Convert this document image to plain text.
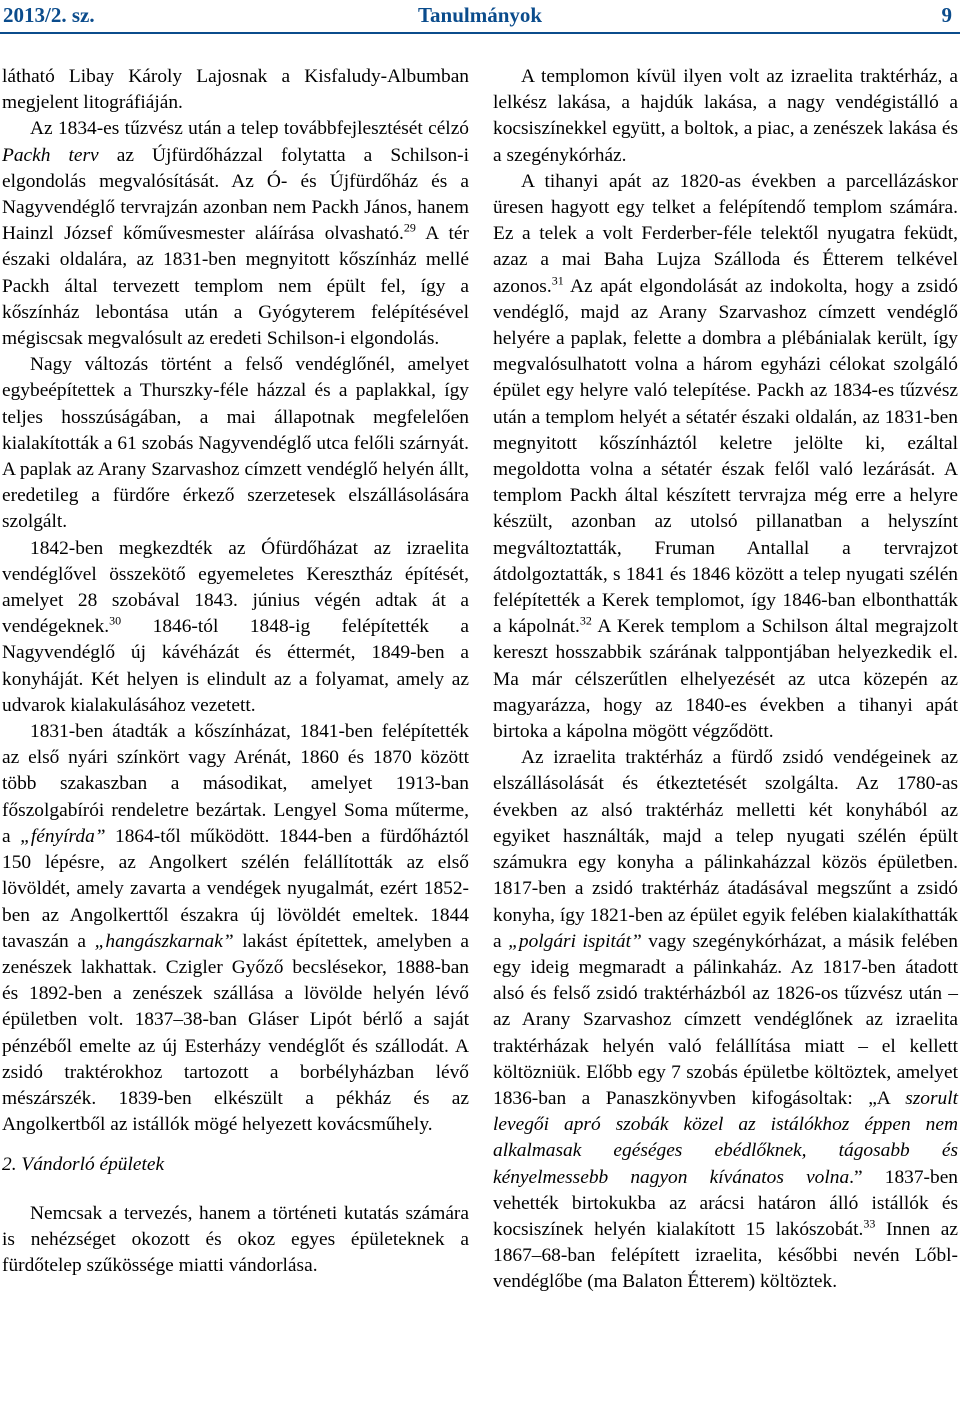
2013/2. sz.	Tanulmányok	9

látható Libay Károly Lajosnak a Kisfaludy-Albumban megjelent litográfiáján.

Az 1834-es tűzvész után a telep továbbfejlesztését célzó Packh terv az Újfürdőházzal folytatta a Schilson-i elgondolás megvalósítását. Az Ó- és Újfürdőház és a Nagyvendéglő tervrajzán azonban nem Packh János, hanem Hainzl József kőművesmester aláírása olvasható.$^{29}$ A tér északi oldalára, az 1831-ben megnyitott kőszínház mellé Packh által tervezett templom nem épült fel, így a kőszínház lebontása után a Gyógyterem felépítésével mégiscsak megvalósult az eredeti Schilson-i elgondolás.

Nagy változás történt a felső vendéglőnél, amelyet egybeépítettek a Thurszky-féle házzal és a paplakkal, így teljes hosszúságában, a mai állapotnak megfelelően kialakították a 61 szobás Nagyvendéglő utca felőli szárnyát. A paplak az Arany Szarvashoz címzett vendéglő helyén állt, eredetileg a fürdőre érkező szerzetesek elszállásolására szolgált.

1842-ben megkezdték az Ófürdőházat az izraelita vendéglővel összekötő egyemeletes Keresztház építését, amelyet 28 szobával 1843. június végén adtak át a vendégeknek.$^{30}$ 1846-tól 1848-ig felépítették a Nagyvendéglő új kávéházát és éttermét, 1849-ben a konyháját. Két helyen is elindult az a folyamat, amely az udvarok kialakulásához vezetett.

1831-ben átadták a kőszínházat, 1841-ben felépítették az első nyári színkört vagy Arénát, 1860 és 1870 között több szakaszban a másodikat, amelyet 1913-ban főszolgabírói rendeletre bezártak. Lengyel Soma műterme, a „fényírda” 1864-től működött. 1844-ben a fürdőháztól 150 lépésre, az Angolkert szélén felállították az első lövöldét, amely zavarta a vendégek nyugalmát, ezért 1852-ben az Angolkerttől északra új lövöldét emeltek. 1844 tavaszán a „hangászkarnak” lakást építettek, amelyben a zenészek lakhattak. Czigler Győző becslésekor, 1888-ban és 1892-ben a zenészek szállása a lövölde helyén lévő épületben volt. 1837–38-ban Gláser Lipót bérlő a saját pénzéből emelte az új Esterházy vendéglőt és szállodát. A zsidó traktérokhoz tartozott a borbélyházban lévő mészárszék. 1839-ben elkészült a pékház és az Angolkertből az istállók mögé helyezett kovácsműhely.

2. Vándorló épületek

Nemcsak a tervezés, hanem a történeti kutatás számára is nehézséget okozott és okoz egyes épületeknek a fürdőtelep szűkössége miatti vándorlása.

A templomon kívül ilyen volt az izraelita traktérház, a lelkész lakása, a hajdúk lakása, a nagy vendégistálló a kocsiszínekkel együtt, a boltok, a piac, a zenészek lakása és a szegénykórház.

A tihanyi apát az 1820-as években a parcellázáskor üresen hagyott egy telket a felépítendő templom számára. Ez a telek a volt Ferderber-féle telektől nyugatra feküdt, azaz a mai Baha Lujza Szálloda és Étterem telkével azonos.$^{31}$ Az apát elgondolását az indokolta, hogy a zsidó vendéglő, majd az Arany Szarvashoz címzett vendéglő helyére a paplak, felette a dombra a plébánialak került, így megvalósulhatott volna a három egyházi célokat szolgáló épület egy helyre való telepítése. Packh az 1834-es tűzvész után a templom helyét a sétatér északi oldalán, az 1831-ben megnyitott kőszínháztól keletre jelölte ki, ezáltal megoldotta volna a sétatér észak felől való lezárását. A templom Packh által készített tervrajza még erre a helyre készült, azonban az utolsó pillanatban a helyszínt megváltoztatták, Fruman Antallal a tervrajzot átdolgoztatták, s 1841 és 1846 között a telep nyugati szélén felépítették a Kerek templomot, így 1846-ban elbonthatták a kápolnát.$^{32}$ A Kerek templom a Schilson által megrajzolt kereszt hosszabbik szárának talppontjában helyezkedik el. Ma már célszerűtlen elhelyezését az utca közepén az magyarázza, hogy az 1840-es években a tihanyi apát birtoka a kápolna mögött végződött.

Az izraelita traktérház a fürdő zsidó vendégeinek az elszállásolását és étkeztetését szolgálta. Az 1780-as években az alsó traktérház melletti két konyhából az egyiket használták, majd a telep nyugati szélén épült számukra egy konyha a pálinkaházzal közös épületben. 1817-ben a zsidó traktérház átadásával megszűnt a zsidó konyha, így 1821-ben az épület egyik felében kialakíthatták a „polgári ispitát” vagy szegénykórházat, a másik felében egy ideig megmaradt a pálinkaház. Az 1817-ben átadott alsó és felső zsidó traktérházból az 1826-os tűzvész után – az Arany Szarvashoz címzett vendéglőnek az izraelita traktérházak helyén való felállítása miatt – el kellett költözniük. Előbb egy 7 szobás épületbe költöztek, amelyet 1836-ban a Panaszkönyvben kifogásoltak: „A szorult levegői apró szobák közel az istálókhoz éppen nem alkalmasak egéséges ebédlőknek, tágosabb és kényelmessebb nagyon kívánatos volna.” 1837-ben vehették birtokukba az arácsi határon álló istállók és kocsiszínek helyén kialakított 15 lakószobát.$^{33}$ Innen az 1867–68-ban felépített izraelita, későbbi nevén Lőbl-vendéglőbe (ma Balaton Étterem) költöztek.
